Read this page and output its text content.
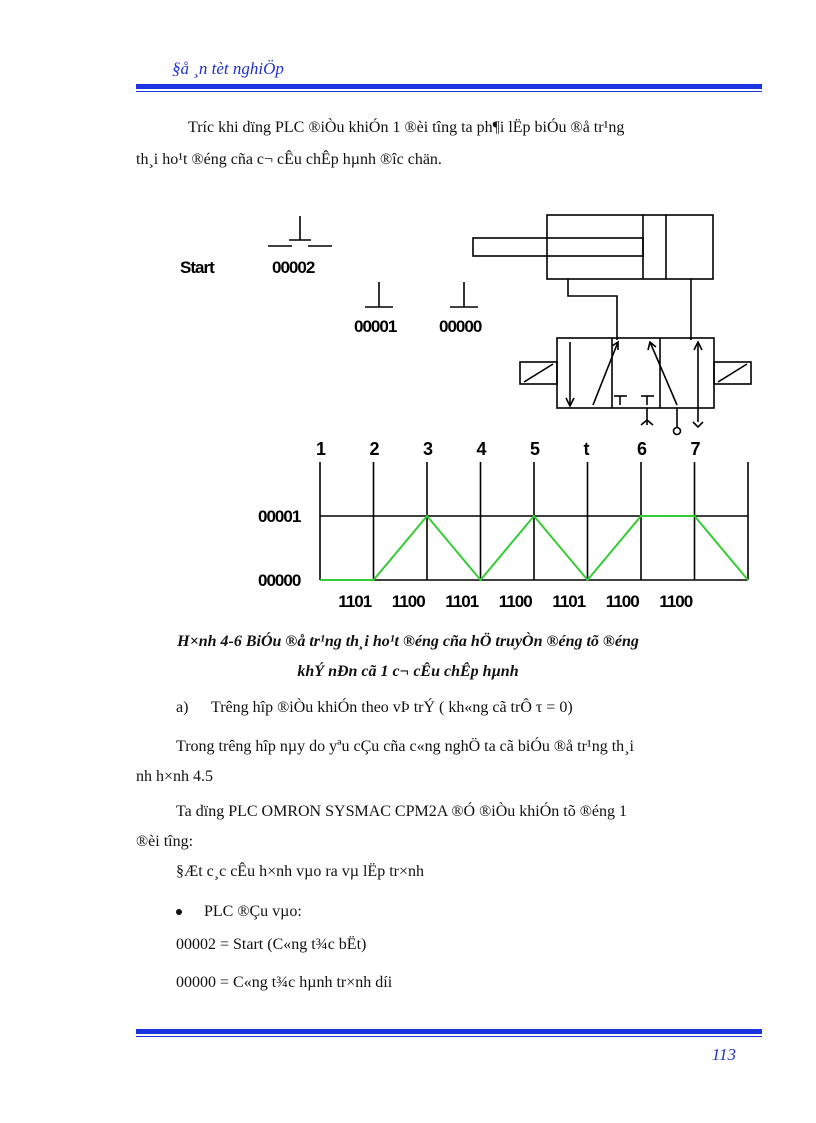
§å ¸n tèt nghiÖp
Tríc khi dïng PLC ®iÒu khiÓn 1 ®èi tîng ta ph¶i lËp biÓu ®å tr¹ng
th¸i ho¹t ®éng cña c¬ cÊu chÊp hµnh ®îc chän.
Start	00002
00001	00000
00001
00000
1 2 3 4 5 t	6 7
1101 1100 1101 1100 1101 1100 1100
H×nh 4-6 BiÓu ®å tr¹ng th¸i ho¹t ®éng cña hÖ truyÒn ®éng tõ ®éng
khÝ nÐn cã 1 c¬ cÊu chÊp hµnh
a) Trêng hîp ®iÒu khiÓn theo vÞ trÝ ( kh«ng cã trÔ τ = 0)
Trong trêng hîp nµy do yªu cÇu cña c«ng nghÖ ta cã biÓu ®å tr¹ng th¸i
nh h×nh 4.5
Ta dïng PLC OMRON SYSMAC CPM2A ®Ó ®iÒu khiÓn tõ ®éng 1
®èi tîng:
§Æt c¸c cÊu h×nh vµo ra vµ lËp tr×nh
PLC ®Çu vµo:
00002 = Start (C«ng t¾c bËt)
00000 = C«ng t¾c hµnh tr×nh díi
113
